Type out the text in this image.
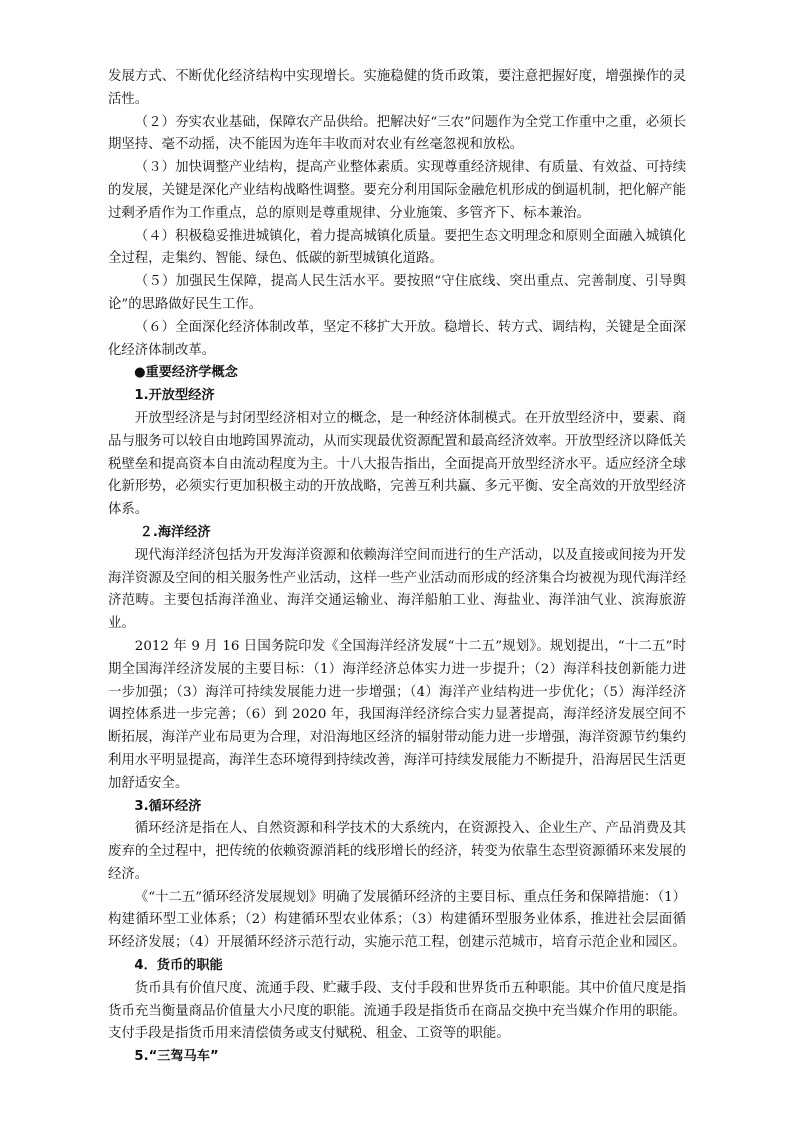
发展方式、不断优化经济结构中实现增长。实施稳健的货币政策，要注意把握好度，增强操作的灵活性。

（２）夯实农业基础，保障农产品供给。把解决好“三农”问题作为全党工作重中之重，必须长期坚持、毫不动摇，决不能因为连年丰收而对农业有丝毫忽视和放松。

（３）加快调整产业结构，提高产业整体素质。实现尊重经济规律、有质量、有效益、可持续的发展，关键是深化产业结构战略性调整。要充分利用国际金融危机形成的倒逼机制，把化解产能过剩矛盾作为工作重点，总的原则是尊重规律、分业施策、多管齐下、标本兼治。

（４）积极稳妥推进城镇化，着力提高城镇化质量。要把生态文明理念和原则全面融入城镇化全过程，走集约、智能、绿色、低碳的新型城镇化道路。

（５）加强民生保障，提高人民生活水平。要按照“守住底线、突出重点、完善制度、引导舆论”的思路做好民生工作。

（６）全面深化经济体制改革，坚定不移扩大开放。稳增长、转方式、调结构，关键是全面深化经济体制改革。

●重要经济学概念

1.开放型经济

开放型经济是与封闭型经济相对立的概念，是一种经济体制模式。在开放型经济中，要素、商品与服务可以较自由地跨国界流动，从而实现最优资源配置和最高经济效率。开放型经济以降低关税壁垒和提高资本自由流动程度为主。十八大报告指出，全面提高开放型经济水平。适应经济全球化新形势，必须实行更加积极主动的开放战略，完善互利共赢、多元平衡、安全高效的开放型经济体系。

２.海洋经济

现代海洋经济包括为开发海洋资源和依赖海洋空间而进行的生产活动，以及直接或间接为开发海洋资源及空间的相关服务性产业活动，这样一些产业活动而形成的经济集合均被视为现代海洋经济范畴。主要包括海洋渔业、海洋交通运输业、海洋船舶工业、海盐业、海洋油气业、滨海旅游业。

2012 年 9 月 16 日国务院印发《全国海洋经济发展“十二五”规划》。规划提出，“十二五”时期全国海洋经济发展的主要目标：（1）海洋经济总体实力进一步提升；（2）海洋科技创新能力进一步加强；（3）海洋可持续发展能力进一步增强；（4）海洋产业结构进一步优化；（5）海洋经济调控体系进一步完善；（6）到 2020 年，我国海洋经济综合实力显著提高，海洋经济发展空间不断拓展，海洋产业布局更为合理，对沿海地区经济的辐射带动能力进一步增强，海洋资源节约集约利用水平明显提高，海洋生态环境得到持续改善，海洋可持续发展能力不断提升，沿海居民生活更加舒适安全。

3.循环经济

循环经济是指在人、自然资源和科学技术的大系统内，在资源投入、企业生产、产品消费及其废弃的全过程中，把传统的依赖资源消耗的线形增长的经济，转变为依靠生态型资源循环来发展的经济。

《“十二五”循环经济发展规划》明确了发展循环经济的主要目标、重点任务和保障措施：（1）构建循环型工业体系；（2）构建循环型农业体系；（3）构建循环型服务业体系，推进社会层面循环经济发展；（4）开展循环经济示范行动，实施示范工程，创建示范城市，培育示范企业和园区。

4．货币的职能

货币具有价值尺度、流通手段、贮藏手段、支付手段和世界货币五种职能。其中价值尺度是指货币充当衡量商品价值量大小尺度的职能。流通手段是指货币在商品交换中充当媒介作用的职能。支付手段是指货币用来清偿债务或支付赋税、租金、工资等的职能。

5.“三驾马车”
